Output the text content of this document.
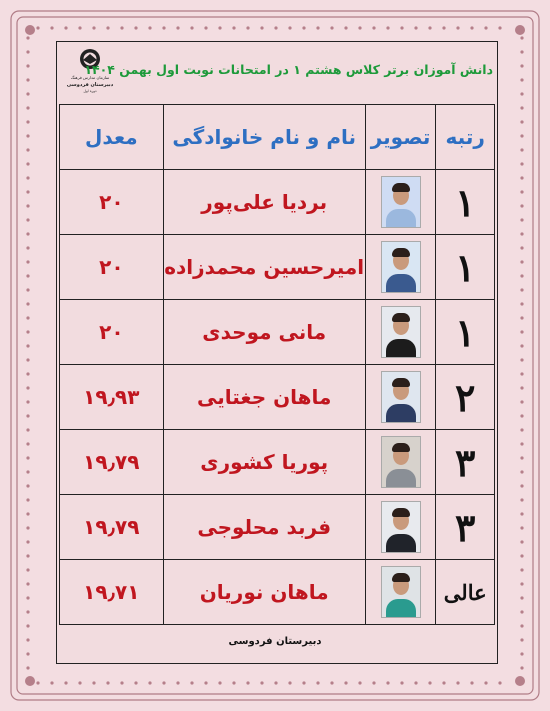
سازمان مدارس فرهنگ
دبیرستان فردوسی
دوره اول
دانش آموزان برتر کلاس هشتم ۱ در امتحانات نوبت اول بهمن ۱۴۰۴
رتبه	تصویر	نام و نام خانوادگی	معدل
۱		بردیا علی‌پور	۲۰
۱		امیرحسین محمدزاده	۲۰
۱		مانی موحدی	۲۰
۲		ماهان جغتایی	۱۹٫۹۳
۳		پوریا کشوری	۱۹٫۷۹
۳		فربد محلوجی	۱۹٫۷۹
عالی		ماهان نوریان	۱۹٫۷۱
دبیرستان فردوسی
